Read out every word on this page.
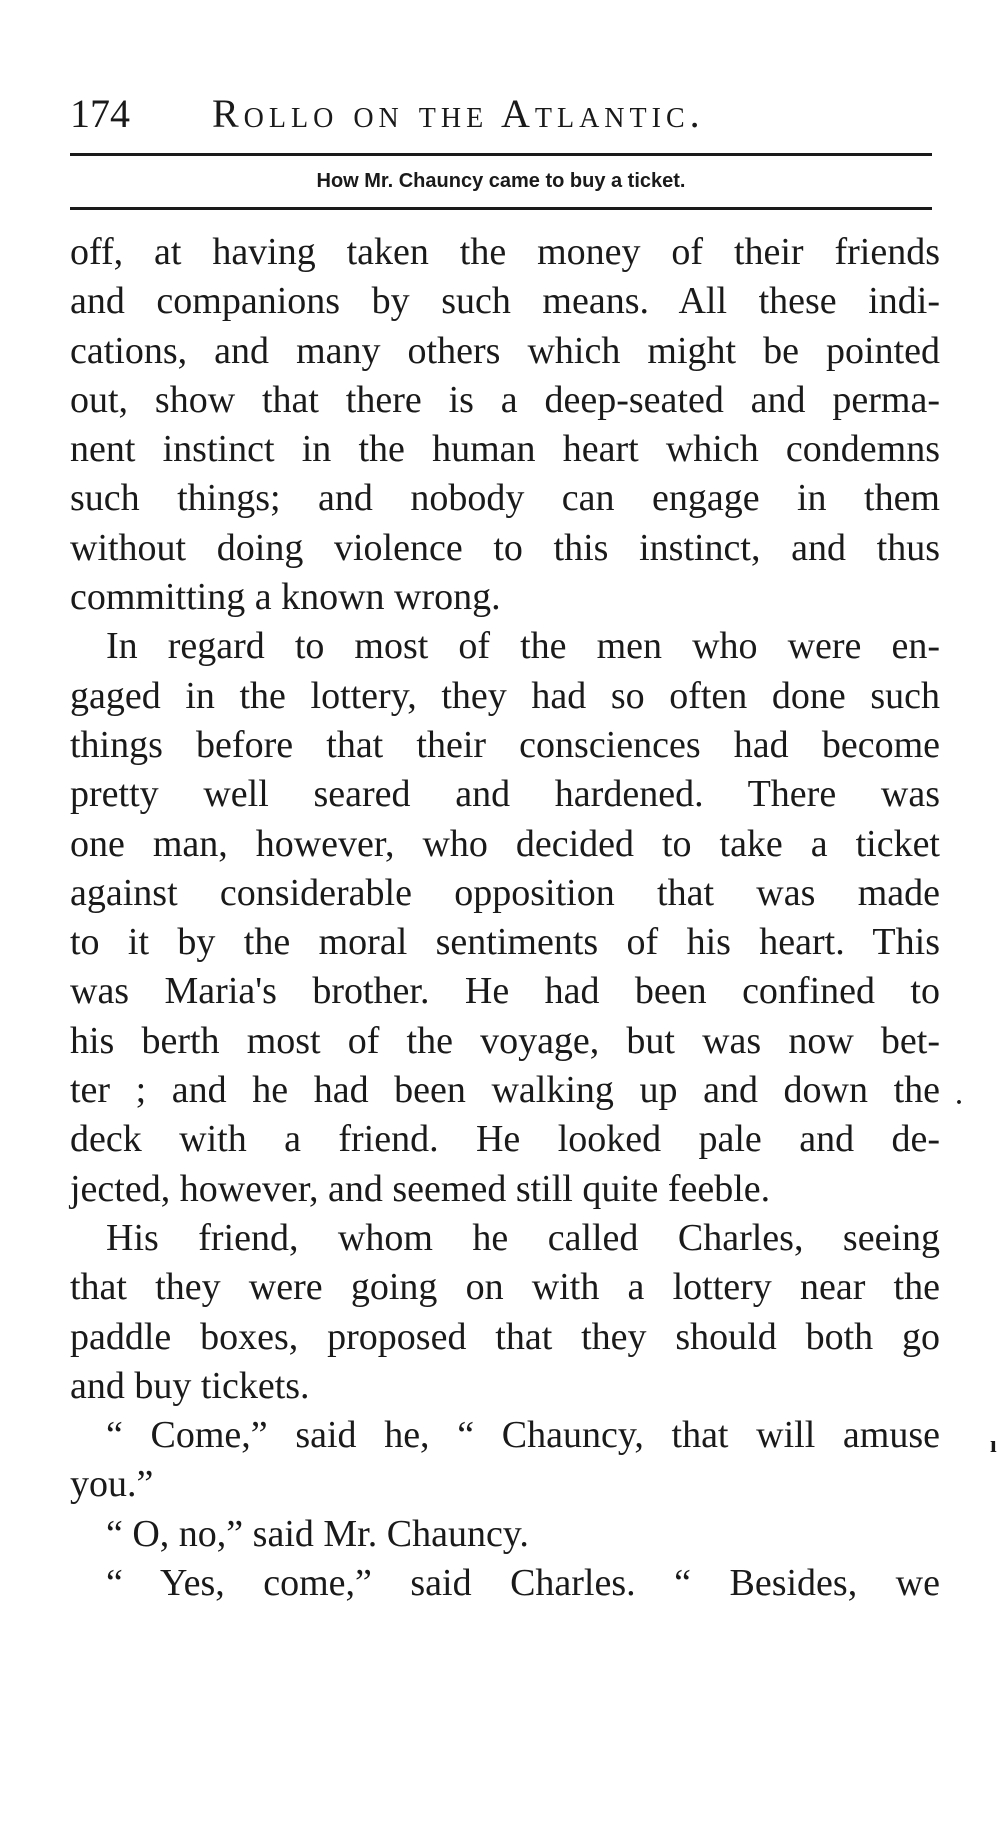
174 Rollo on the Atlantic.
How Mr. Chauncy came to buy a ticket.
off, at having taken the money of their friends
and companions by such means. All these indi-
cations, and many others which might be pointed
out, show that there is a deep-seated and perma-
nent instinct in the human heart which condemns
such things; and nobody can engage in them
without doing violence to this instinct, and thus
committing a known wrong.
In regard to most of the men who were en-
gaged in the lottery, they had so often done such
things before that their consciences had become
pretty well seared and hardened. There was
one man, however, who decided to take a ticket
against considerable opposition that was made
to it by the moral sentiments of his heart. This
was Maria's brother. He had been confined to
his berth most of the voyage, but was now bet-
ter ; and he had been walking up and down the
deck with a friend. He looked pale and de-
jected, however, and seemed still quite feeble.
His friend, whom he called Charles, seeing
that they were going on with a lottery near the
paddle boxes, proposed that they should both go
and buy tickets.
“ Come,” said he, “ Chauncy, that will amuse
you.”
“ O, no,” said Mr. Chauncy.
“ Yes, come,” said Charles. “ Besides, we
.
ı
